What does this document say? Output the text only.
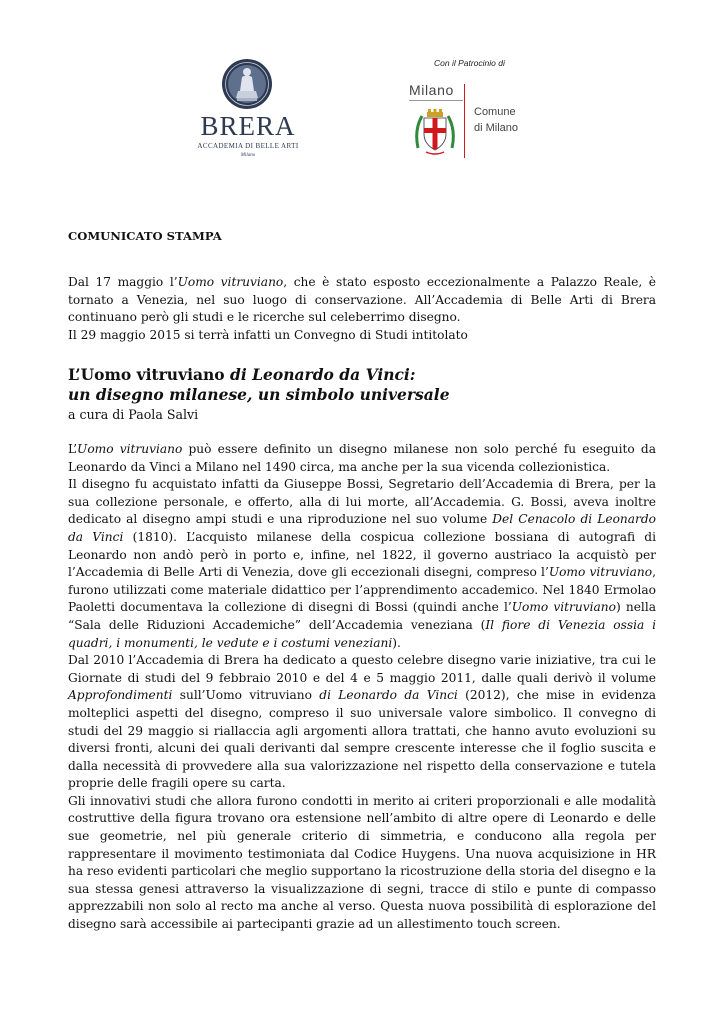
BRERA
ACCADEMIA DI BELLE ARTI
Milano
Con il Patrocinio di
Milano
Comune
di Milano
COMUNICATO STAMPA

Dal 17 maggio l’Uomo vitruviano, che è stato esposto eccezionalmente a Palazzo Reale, è tornato a Venezia, nel suo luogo di conservazione. All’Accademia di Belle Arti di Brera continuano però gli studi e le ricerche sul celeberrimo disegno.

Il 29 maggio 2015 si terrà infatti un Convegno di Studi intitolato

L’Uomo vitruviano di Leonardo da Vinci:
un disegno milanese, un simbolo universale
a cura di Paola Salvi

L’Uomo vitruviano può essere definito un disegno milanese non solo perché fu eseguito da Leonardo da Vinci a Milano nel 1490 circa, ma anche per la sua vicenda collezionistica.

Il disegno fu acquistato infatti da Giuseppe Bossi, Segretario dell’Accademia di Brera, per la sua collezione personale, e offerto, alla di lui morte, all’Accademia. G. Bossi, aveva inoltre dedicato al disegno ampi studi e una riproduzione nel suo volume Del Cenacolo di Leonardo da Vinci (1810). L’acquisto milanese della cospicua collezione bossiana di autografi di Leonardo non andò però in porto e, infine, nel 1822, il governo austriaco la acquistò per l’Accademia di Belle Arti di Venezia, dove gli eccezionali disegni, compreso l’Uomo vitruviano, furono utilizzati come materiale didattico per l’apprendimento accademico. Nel 1840 Ermolao Paoletti documentava la collezione di disegni di Bossi (quindi anche l’Uomo vitruviano) nella “Sala delle Riduzioni Accademiche” dell’Accademia veneziana (Il fiore di Venezia ossia i quadri, i monumenti, le vedute e i costumi veneziani).

Dal 2010 l’Accademia di Brera ha dedicato a questo celebre disegno varie iniziative, tra cui le Giornate di studi del 9 febbraio 2010 e del 4 e 5 maggio 2011, dalle quali derivò il volume Approfondimenti sull’Uomo vitruviano di Leonardo da Vinci (2012), che mise in evidenza molteplici aspetti del disegno, compreso il suo universale valore simbolico. Il convegno di studi del 29 maggio si riallaccia agli argomenti allora trattati, che hanno avuto evoluzioni su diversi fronti, alcuni dei quali derivanti dal sempre crescente interesse che il foglio suscita e dalla necessità di provvedere alla sua valorizzazione nel rispetto della conservazione e tutela proprie delle fragili opere su carta.

Gli innovativi studi che allora furono condotti in merito ai criteri proporzionali e alle modalità costruttive della figura trovano ora estensione nell’ambito di altre opere di Leonardo e delle sue geometrie, nel più generale criterio di simmetria, e conducono alla regola per rappresentare il movimento testimoniata dal Codice Huygens. Una nuova acquisizione in HR ha reso evidenti particolari che meglio supportano la ricostruzione della storia del disegno e la sua stessa genesi attraverso la visualizzazione di segni, tracce di stilo e punte di compasso apprezzabili non solo al recto ma anche al verso. Questa nuova possibilità di esplorazione del disegno sarà accessibile ai partecipanti grazie ad un allestimento touch screen.
